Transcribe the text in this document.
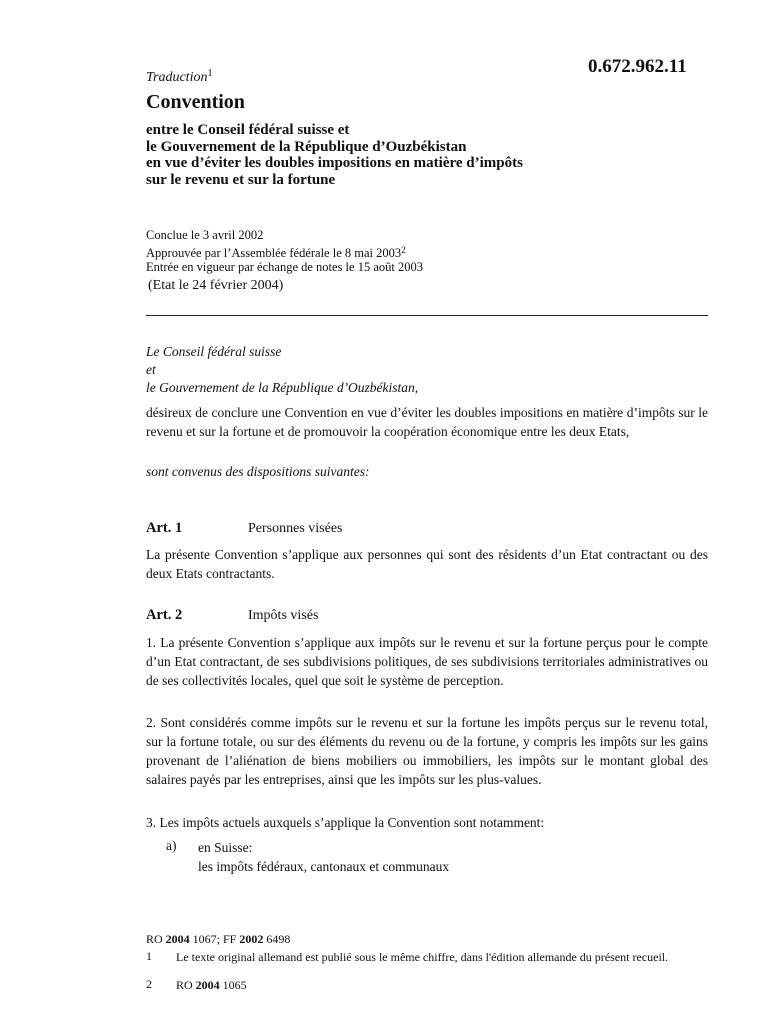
0.672.962.11
Traduction$^1$
Convention
entre le Conseil fédéral suisse et
le Gouvernement de la République d’Ouzbékistan
en vue d’éviter les doubles impositions en matière d’impôts
sur le revenu et sur la fortune
Conclue le 3 avril 2002
Approuvée par l’Assemblée fédérale le 8 mai 2003$^2$
Entrée en vigueur par échange de notes le 15 août 2003
(Etat le 24 février 2004)
Le Conseil fédéral suisse
et
le Gouvernement de la République d’Ouzbékistan,
désireux de conclure une Convention en vue d’éviter les doubles impositions en matière d’impôts sur le revenu et sur la fortune et de promouvoir la coopération économique entre les deux Etats,
sont convenus des dispositions suivantes:
Art. 1	Personnes visées
La présente Convention s’applique aux personnes qui sont des résidents d’un Etat contractant ou des deux Etats contractants.
Art. 2	Impôts visés
1. La présente Convention s’applique aux impôts sur le revenu et sur la fortune perçus pour le compte d’un Etat contractant, de ses subdivisions politiques, de ses subdivisions territoriales administratives ou de ses collectivités locales, quel que soit le système de perception.
2. Sont considérés comme impôts sur le revenu et sur la fortune les impôts perçus sur le revenu total, sur la fortune totale, ou sur des éléments du revenu ou de la fortune, y compris les impôts sur les gains provenant de l’aliénation de biens mobiliers ou immobiliers, les impôts sur le montant global des salaires payés par les entreprises, ainsi que les impôts sur les plus-values.
3. Les impôts actuels auxquels s’applique la Convention sont notamment:
a) en Suisse:
les impôts fédéraux, cantonaux et communaux
RO 2004 1067; FF 2002 6498
1 Le texte original allemand est publié sous le même chiffre, dans l'édition allemande du présent recueil.
2 RO 2004 1065
